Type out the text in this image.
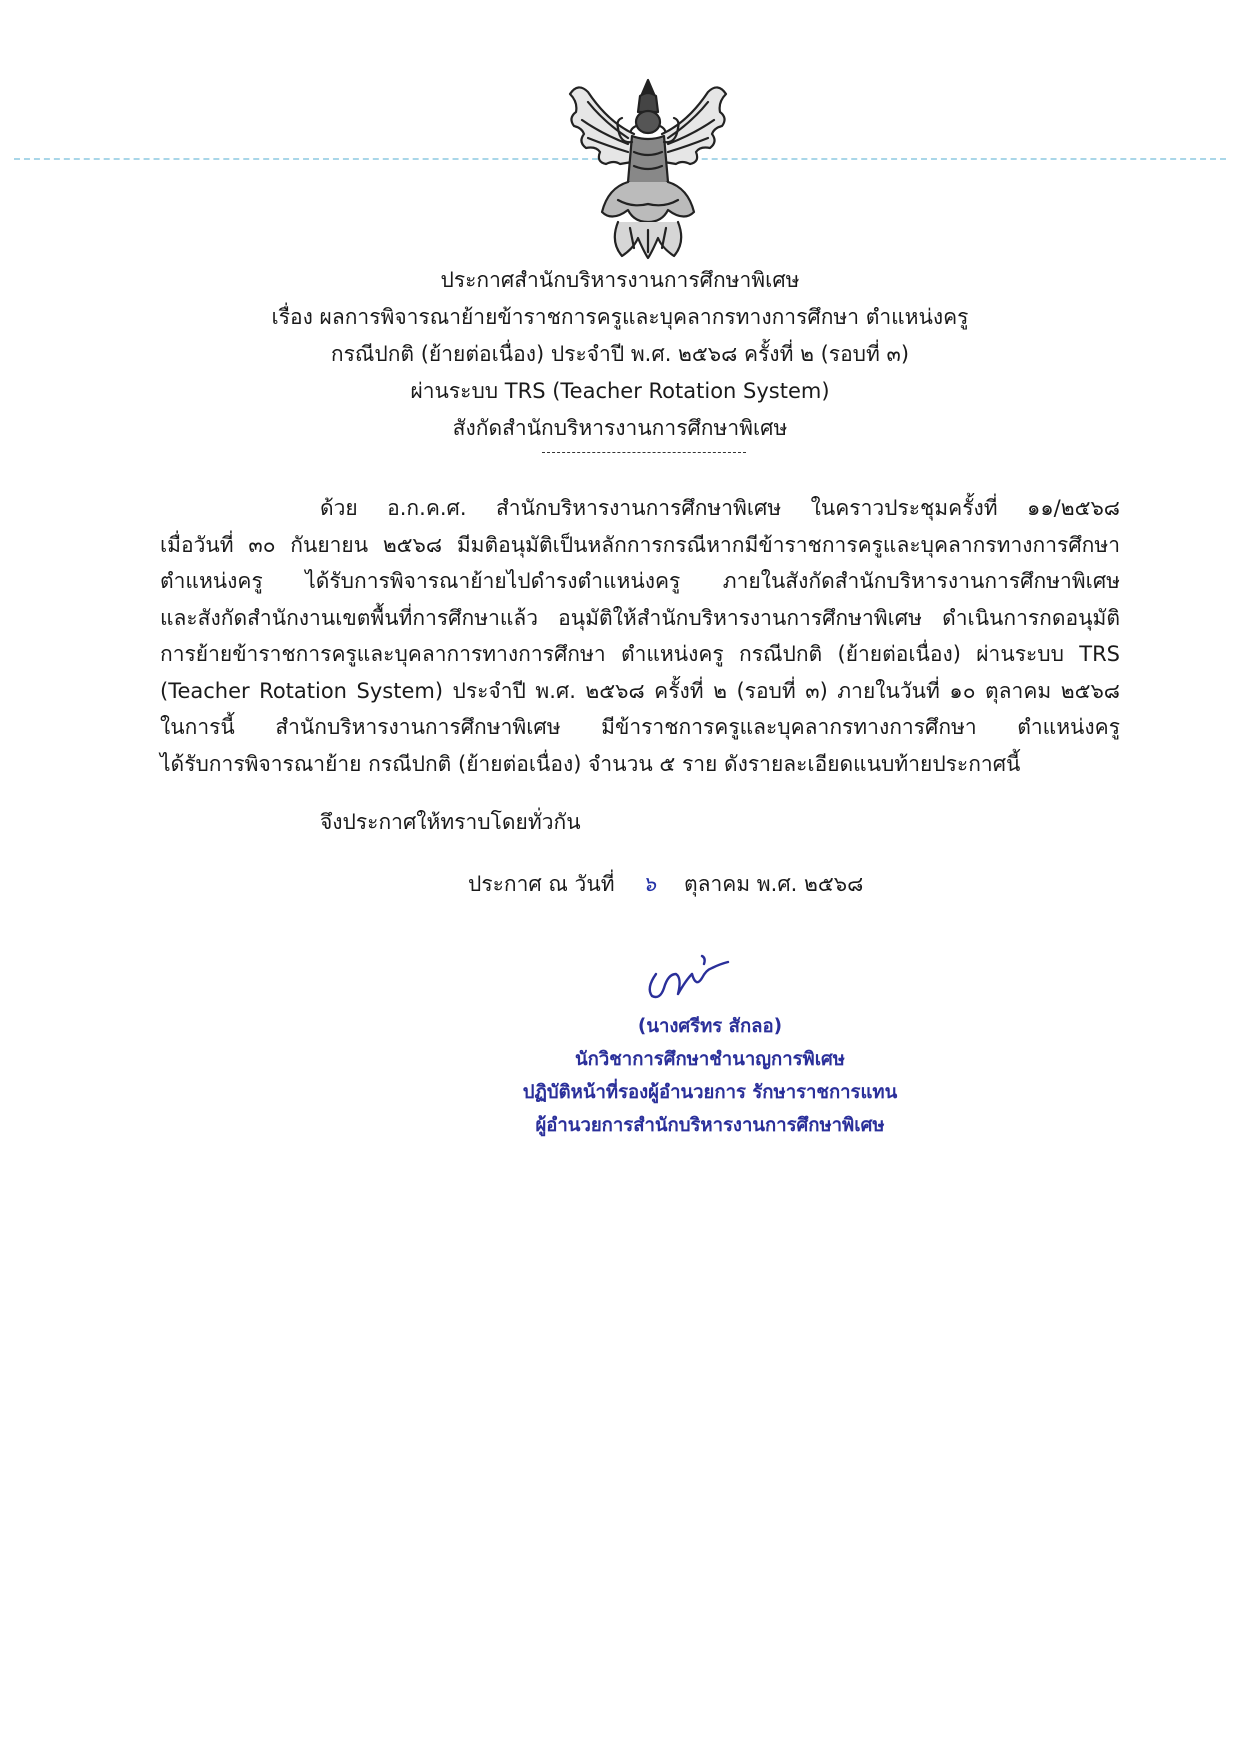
ประกาศสำนักบริหารงานการศึกษาพิเศษ
เรื่อง ผลการพิจารณาย้ายข้าราชการครูและบุคลากรทางการศึกษา ตำแหน่งครู
กรณีปกติ (ย้ายต่อเนื่อง) ประจำปี พ.ศ. ๒๕๖๘ ครั้งที่ ๒ (รอบที่ ๓)
ผ่านระบบ TRS (Teacher Rotation System)
สังกัดสำนักบริหารงานการศึกษาพิเศษ
ด้วย อ.ก.ค.ศ. สำนักบริหารงานการศึกษาพิเศษ ในคราวประชุมครั้งที่ ๑๑/๒๕๖๘
เมื่อวันที่ ๓๐ กันยายน ๒๕๖๘ มีมติอนุมัติเป็นหลักการกรณีหากมีข้าราชการครูและบุคลากรทางการศึกษา
ตำแหน่งครู ได้รับการพิจารณาย้ายไปดำรงตำแหน่งครู ภายในสังกัดสำนักบริหารงานการศึกษาพิเศษ
และสังกัดสำนักงานเขตพื้นที่การศึกษาแล้ว อนุมัติให้สำนักบริหารงานการศึกษาพิเศษ ดำเนินการกดอนุมัติ
การย้ายข้าราชการครูและบุคลาการทางการศึกษา ตำแหน่งครู กรณีปกติ (ย้ายต่อเนื่อง) ผ่านระบบ TRS
(Teacher Rotation System) ประจำปี พ.ศ. ๒๕๖๘ ครั้งที่ ๒ (รอบที่ ๓) ภายในวันที่ ๑๐ ตุลาคม ๒๕๖๘
ในการนี้ สำนักบริหารงานการศึกษาพิเศษ มีข้าราชการครูและบุคลากรทางการศึกษา ตำแหน่งครู
ได้รับการพิจารณาย้าย กรณีปกติ (ย้ายต่อเนื่อง) จำนวน ๕ ราย ดังรายละเอียดแนบท้ายประกาศนี้
จึงประกาศให้ทราบโดยทั่วกัน
ประกาศ ณ วันที่ ๖ ตุลาคม พ.ศ. ๒๕๖๘
(นางศรีทร สักลอ)
นักวิชาการศึกษาชำนาญการพิเศษ
ปฏิบัติหน้าที่รองผู้อำนวยการ รักษาราชการแทน
ผู้อำนวยการสำนักบริหารงานการศึกษาพิเศษ
